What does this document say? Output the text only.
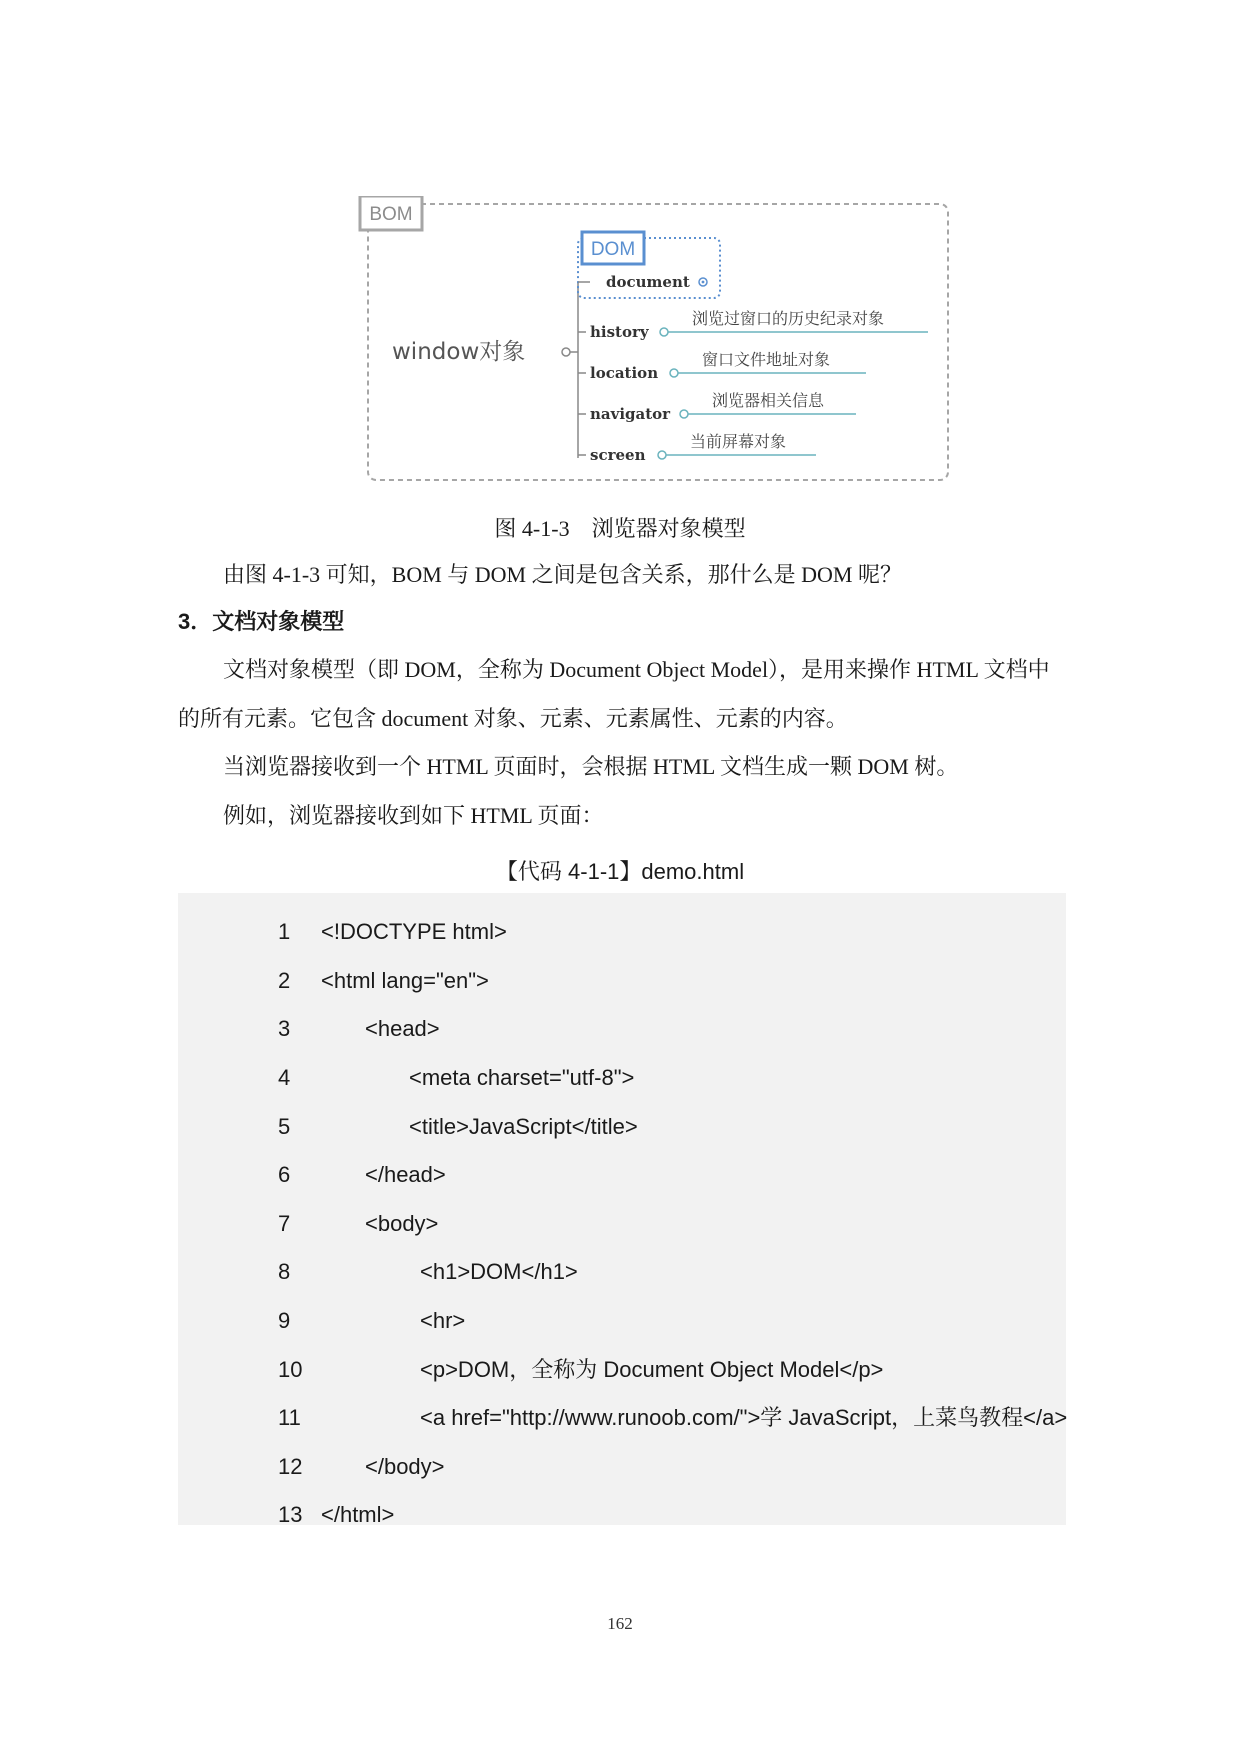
BOM
window对象
DOM
document
history
浏览过窗口的历史纪录对象
location
窗口文件地址对象
navigator
浏览器相关信息
screen
当前屏幕对象
图 4-1-3　浏览器对象模型
由图 4-1-3 可知，BOM 与 DOM 之间是包含关系，那什么是 DOM 呢？
3．文档对象模型
文档对象模型（即 DOM，全称为 Document Object Model），是用来操作 HTML 文档中
的所有元素。它包含 document 对象、元素、元素属性、元素的内容。
当浏览器接收到一个 HTML 页面时，会根据 HTML 文档生成一颗 DOM 树。
例如，浏览器接收到如下 HTML 页面：
【代码 4-1-1】demo.html
1	<!DOCTYPE html>
2	<html lang="en">
3	<head>
4	<meta charset="utf-8">
5	<title>JavaScript</title>
6	</head>
7	<body>
8	<h1>DOM</h1>
9	<hr>
10	<p>DOM，全称为 Document Object Model</p>
11	<a href="http://www.runoob.com/">学 JavaScript，上菜鸟教程</a>
12	</body>
13 </html>
162
